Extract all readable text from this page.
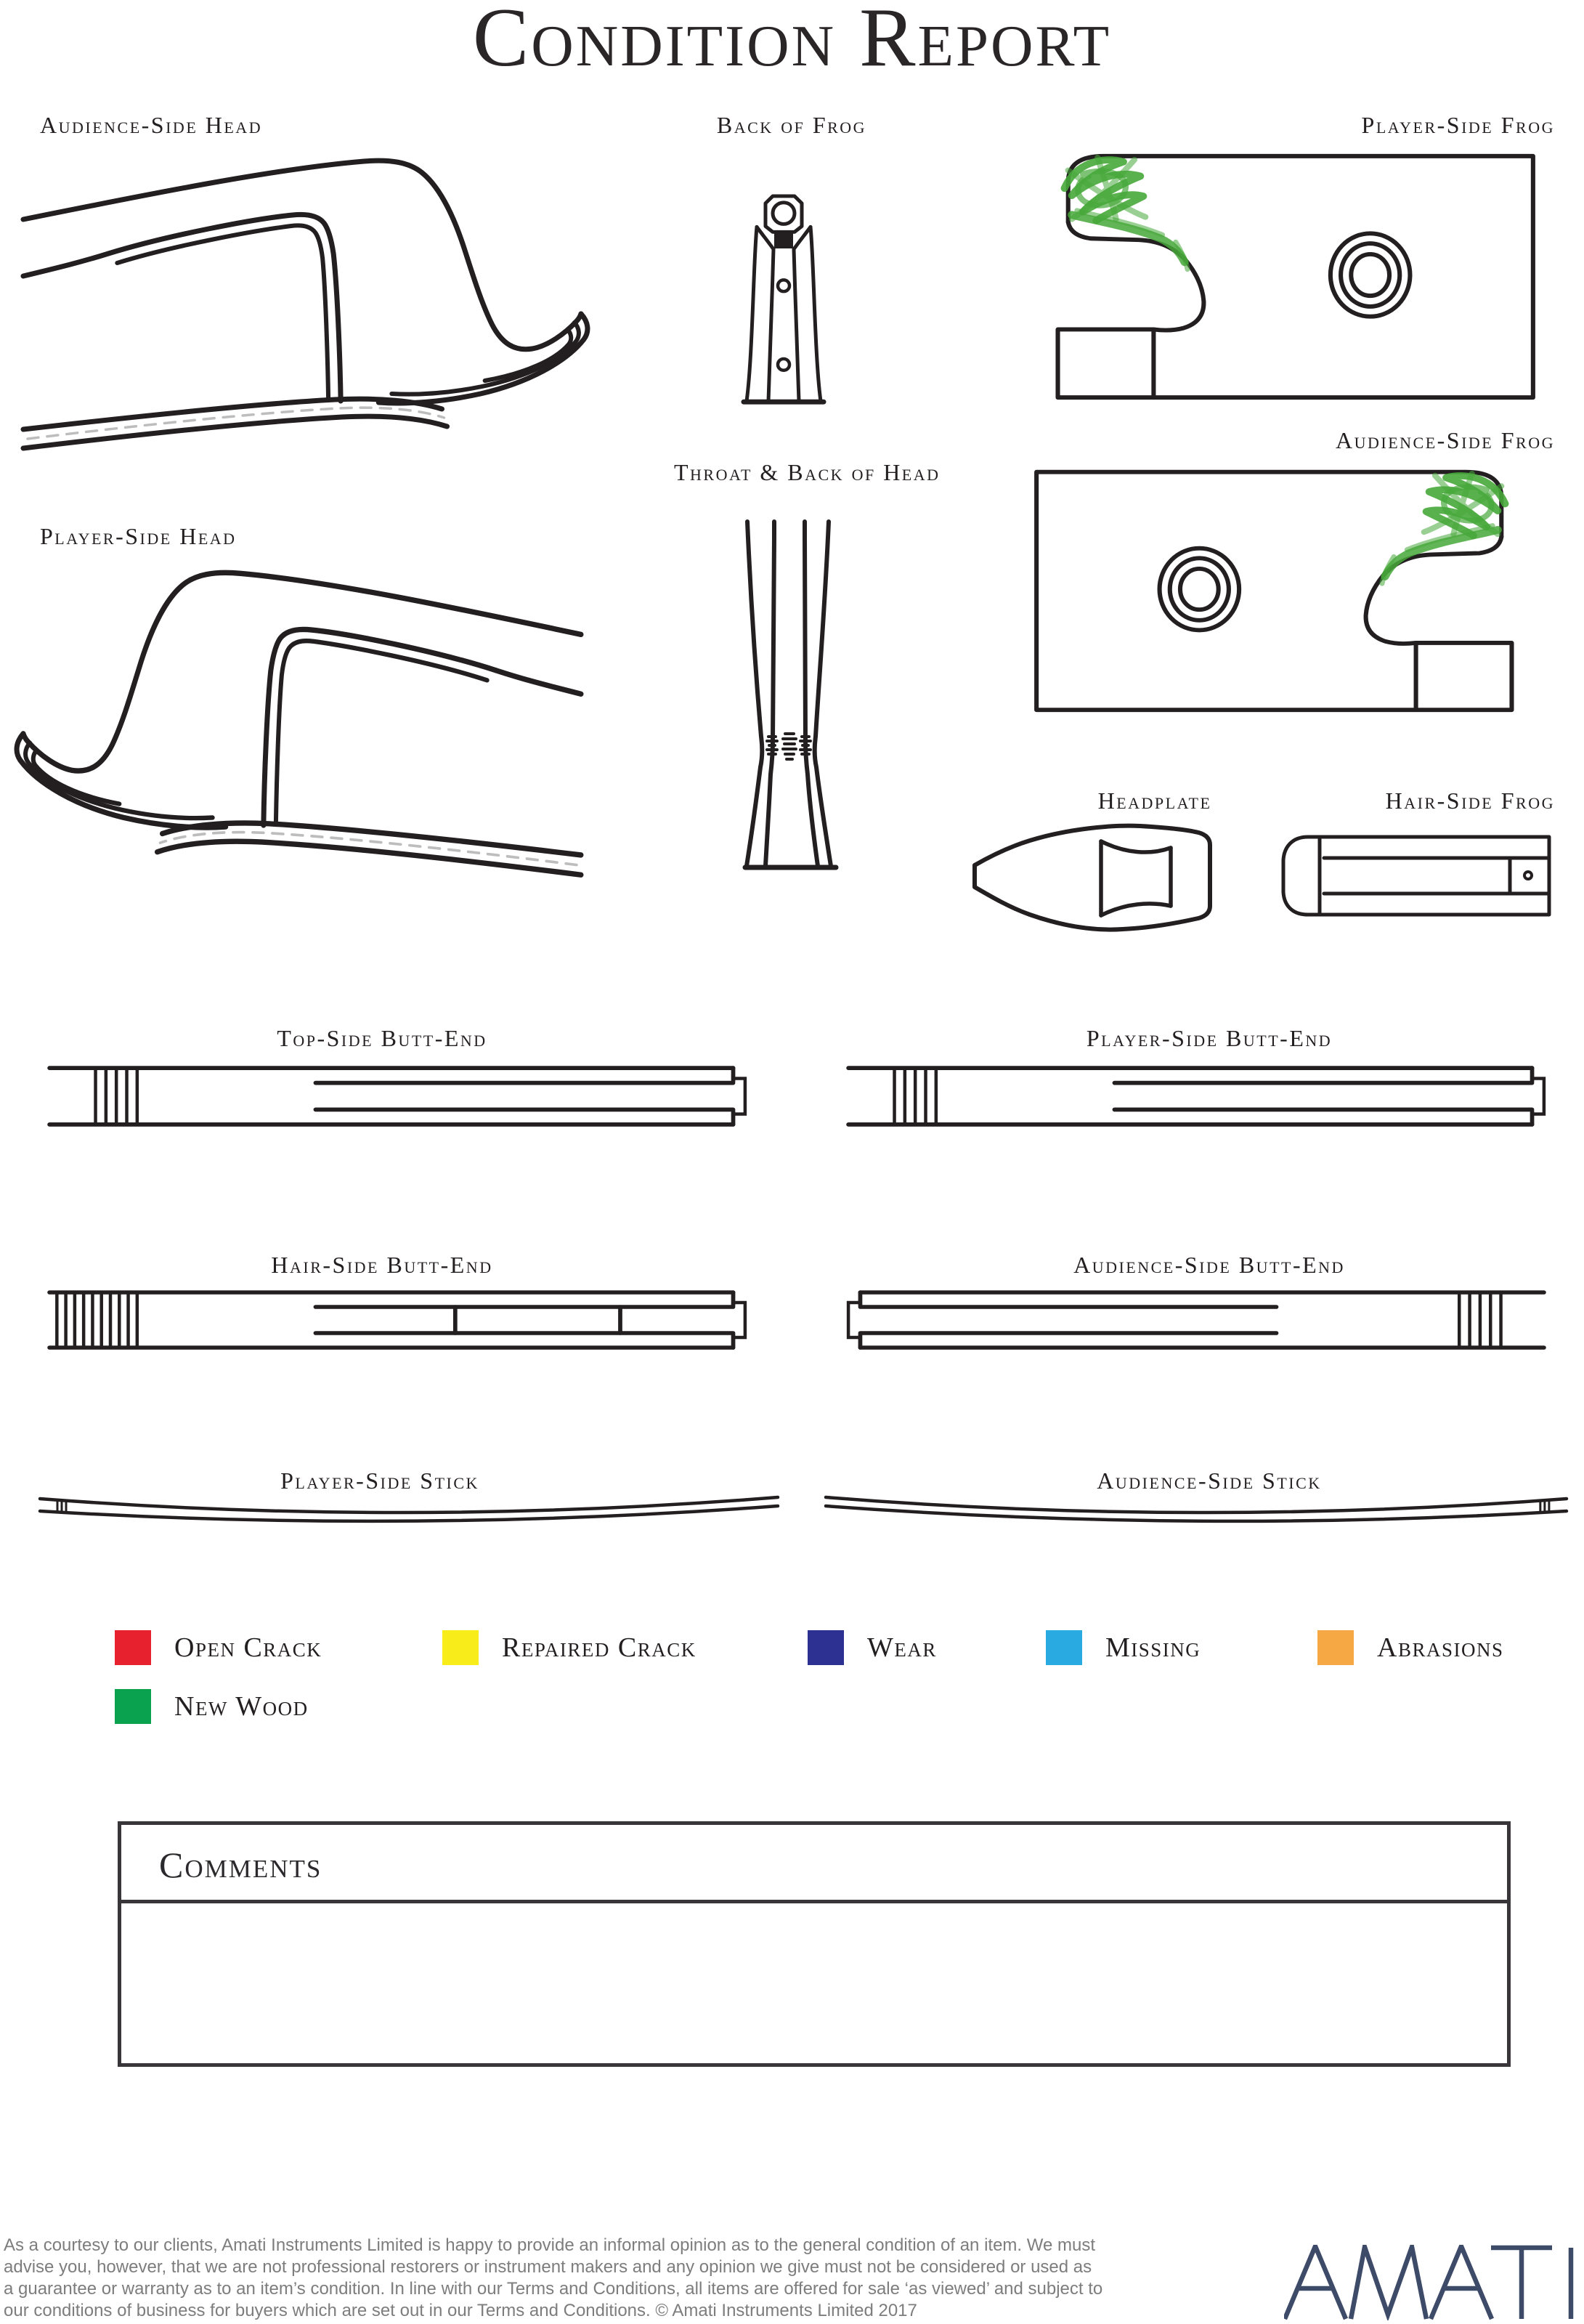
Condition Report
Audience-Side Head	Back of Frog	Player-Side Frog
Audience-Side Frog
Player-Side Head
Throat & Back of Head
Headplate	Hair-Side Frog
Top-Side Butt-End	Player-Side Butt-End
Hair-Side Butt-End	Audience-Side Butt-End
Player-Side Stick	Audience-Side Stick
Open Crack	Repaired Crack	Wear	Missing	Abrasions
New Wood
Comments
As a courtesy to our clients, Amati Instruments Limited is happy to provide an informal opinion as to the general condition of an item. We must
advise you, however, that we are not professional restorers or instrument makers and any opinion we give must not be considered or used as
a guarantee or warranty as to an item’s condition. In line with our Terms and Conditions, all items are offered for sale ‘as viewed’ and subject to
our conditions of business for buyers which are set out in our Terms and Conditions. © Amati Instruments Limited 2017
